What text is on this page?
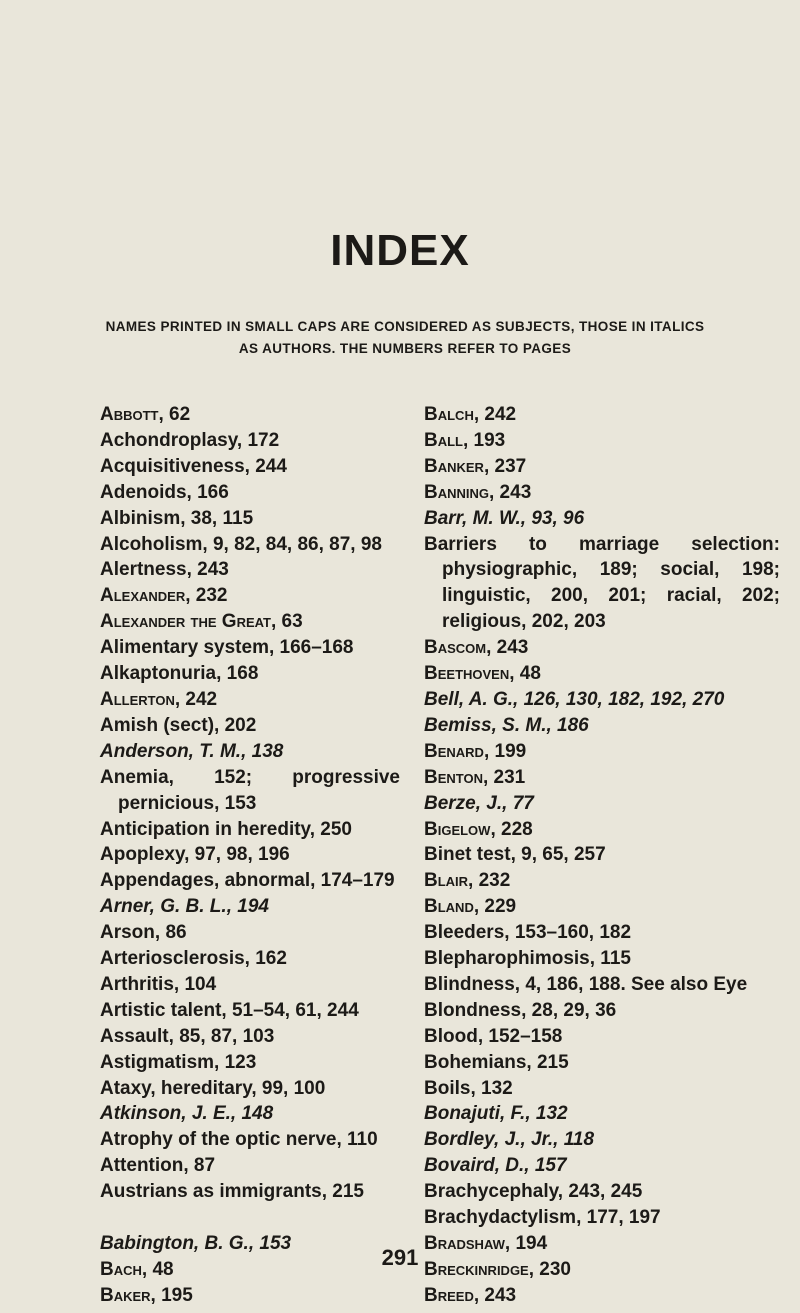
INDEX
NAMES PRINTED IN SMALL CAPS ARE CONSIDERED AS SUBJECTS, THOSE IN ITALICS
AS AUTHORS. THE NUMBERS REFER TO PAGES
Abbott, 62
Achondroplasy, 172
Acquisitiveness, 244
Adenoids, 166
Albinism, 38, 115
Alcoholism, 9, 82, 84, 86, 87, 98
Alertness, 243
Alexander, 232
Alexander the Great, 63
Alimentary system, 166–168
Alkaptonuria, 168
Allerton, 242
Amish (sect), 202
Anderson, T. M., 138
Anemia, 152; progressive pernicious, 153
Anticipation in heredity, 250
Apoplexy, 97, 98, 196
Appendages, abnormal, 174–179
Arner, G. B. L., 194
Arson, 86
Arteriosclerosis, 162
Arthritis, 104
Artistic talent, 51–54, 61, 244
Assault, 85, 87, 103
Astigmatism, 123
Ataxy, hereditary, 99, 100
Atkinson, J. E., 148
Atrophy of the optic nerve, 110
Attention, 87
Austrians as immigrants, 215
Babington, B. G., 153
Bach, 48
Baker, 195
Balch, 242
Ball, 193
Banker, 237
Banning, 243
Barr, M. W., 93, 96
Barriers to marriage selection: physiographic, 189; social, 198; linguistic, 200, 201; racial, 202; religious, 202, 203
Bascom, 243
Beethoven, 48
Bell, A. G., 126, 130, 182, 192, 270
Bemiss, S. M., 186
Benard, 199
Benton, 231
Berze, J., 77
Bigelow, 228
Binet test, 9, 65, 257
Blair, 232
Bland, 229
Bleeders, 153–160, 182
Blepharophimosis, 115
Blindness, 4, 186, 188. See also Eye
Blondness, 28, 29, 36
Blood, 152–158
Bohemians, 215
Boils, 132
Bonajuti, F., 132
Bordley, J., Jr., 118
Bovaird, D., 157
Brachycephaly, 243, 245
Brachydactylism, 177, 197
Bradshaw, 194
Breckinridge, 230
Breed, 243
291
